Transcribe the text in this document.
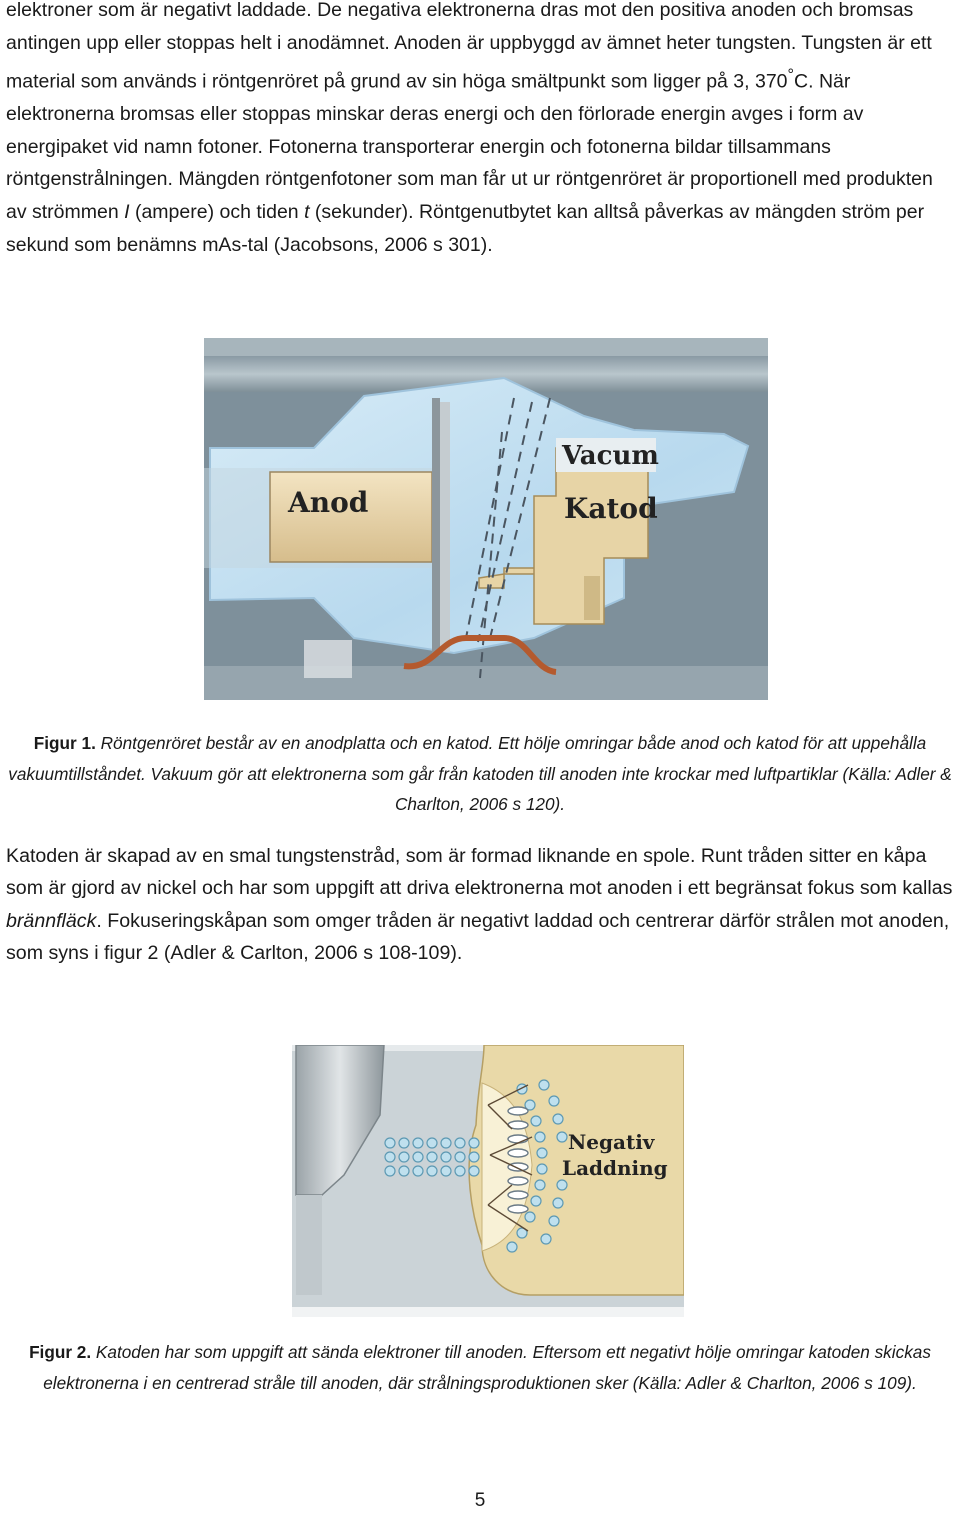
elektroner som är negativt laddade. De negativa elektronerna dras mot den positiva anoden och bromsas antingen upp eller stoppas helt i anodämnet. Anoden är uppbyggd av ämnet heter tungsten. Tungsten är ett material som används i röntgenröret på grund av sin höga smältpunkt som ligger på 3, 370°C. När elektronerna bromsas eller stoppas minskar deras energi och den förlorade energin avges i form av energipaket vid namn fotoner. Fotonerna transporterar energin och fotonerna bildar tillsammans röntgenstrålningen. Mängden röntgenfotoner som man får ut ur röntgenröret är proportionell med produkten av strömmen I (ampere) och tiden t (sekunder). Röntgenutbytet kan alltså påverkas av mängden ström per sekund som benämns mAs-tal (Jacobsons, 2006 s 301).

Vacum
Katod
Anod

Figur 1. Röntgenröret består av en anodplatta och en katod. Ett hölje omringar både anod och katod för att uppehålla vakuumtillståndet. Vakuum gör att elektronerna som går från katoden till anoden inte krockar med luftpartiklar (Källa: Adler & Charlton, 2006 s 120).

Katoden är skapad av en smal tungstenstråd, som är formad liknande en spole. Runt tråden sitter en kåpa som är gjord av nickel och har som uppgift att driva elektronerna mot anoden i ett begränsat fokus som kallas brännfläck. Fokuseringskåpan som omger tråden är negativt laddad och centrerar därför strålen mot anoden, som syns i figur 2 (Adler & Carlton, 2006 s 108-109).

Negativ
Laddning

Figur 2. Katoden har som uppgift att sända elektroner till anoden. Eftersom ett negativt hölje omringar katoden skickas elektronerna i en centrerad stråle till anoden, där strålningsproduktionen sker (Källa: Adler & Charlton, 2006 s 109).

5
